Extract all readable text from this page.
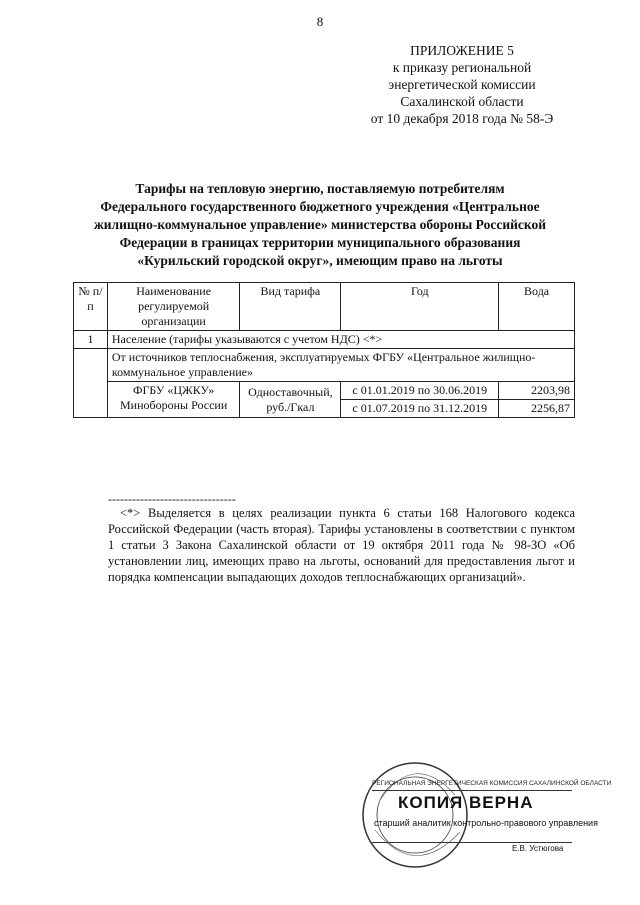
8
ПРИЛОЖЕНИЕ 5
к приказу региональной
энергетической комиссии
Сахалинской области
от 10 декабря 2018 года № 58-Э
Тарифы на тепловую энергию, поставляемую потребителям
Федерального государственного бюджетного учреждения «Центральное
жилищно-коммунальное управление» министерства обороны Российской
Федерации в границах территории муниципального образования
«Курильский городской округ», имеющим право на льготы
№ п/п	Наименование регулируемой организации	Вид тарифа	Год	Вода
1	Население (тарифы указываются с учетом НДС) <*>			
	От источников теплоснабжения, эксплуатируемых ФГБУ «Центральное жилищно-коммунальное управление»			
	ФГБУ «ЦЖКУ» Минобороны России	Одноставочный, руб./Гкал	с 01.01.2019 по 30.06.2019	2203,98
			с 01.07.2019 по 31.12.2019	2256,87
--------------------------------
<*> Выделяется в целях реализации пункта 6 статьи 168 Налогового кодекса Российской Федерации (часть вторая). Тарифы установлены в соответствии с пунктом 1 статьи 3 Закона Сахалинской области от 19 октября 2011 года № 98-ЗО «Об установлении лиц, имеющих право на льготы, оснований для предоставления льгот и порядка компенсации выпадающих доходов теплоснабжающих организаций».
РЕГИОНАЛЬНАЯ ЭНЕРГЕТИЧЕСКАЯ КОМИССИЯ САХАЛИНСКОЙ ОБЛАСТИ
КОПИЯ ВЕРНА
старший аналитик контрольно-правового управления
Е.В. Устюгова
